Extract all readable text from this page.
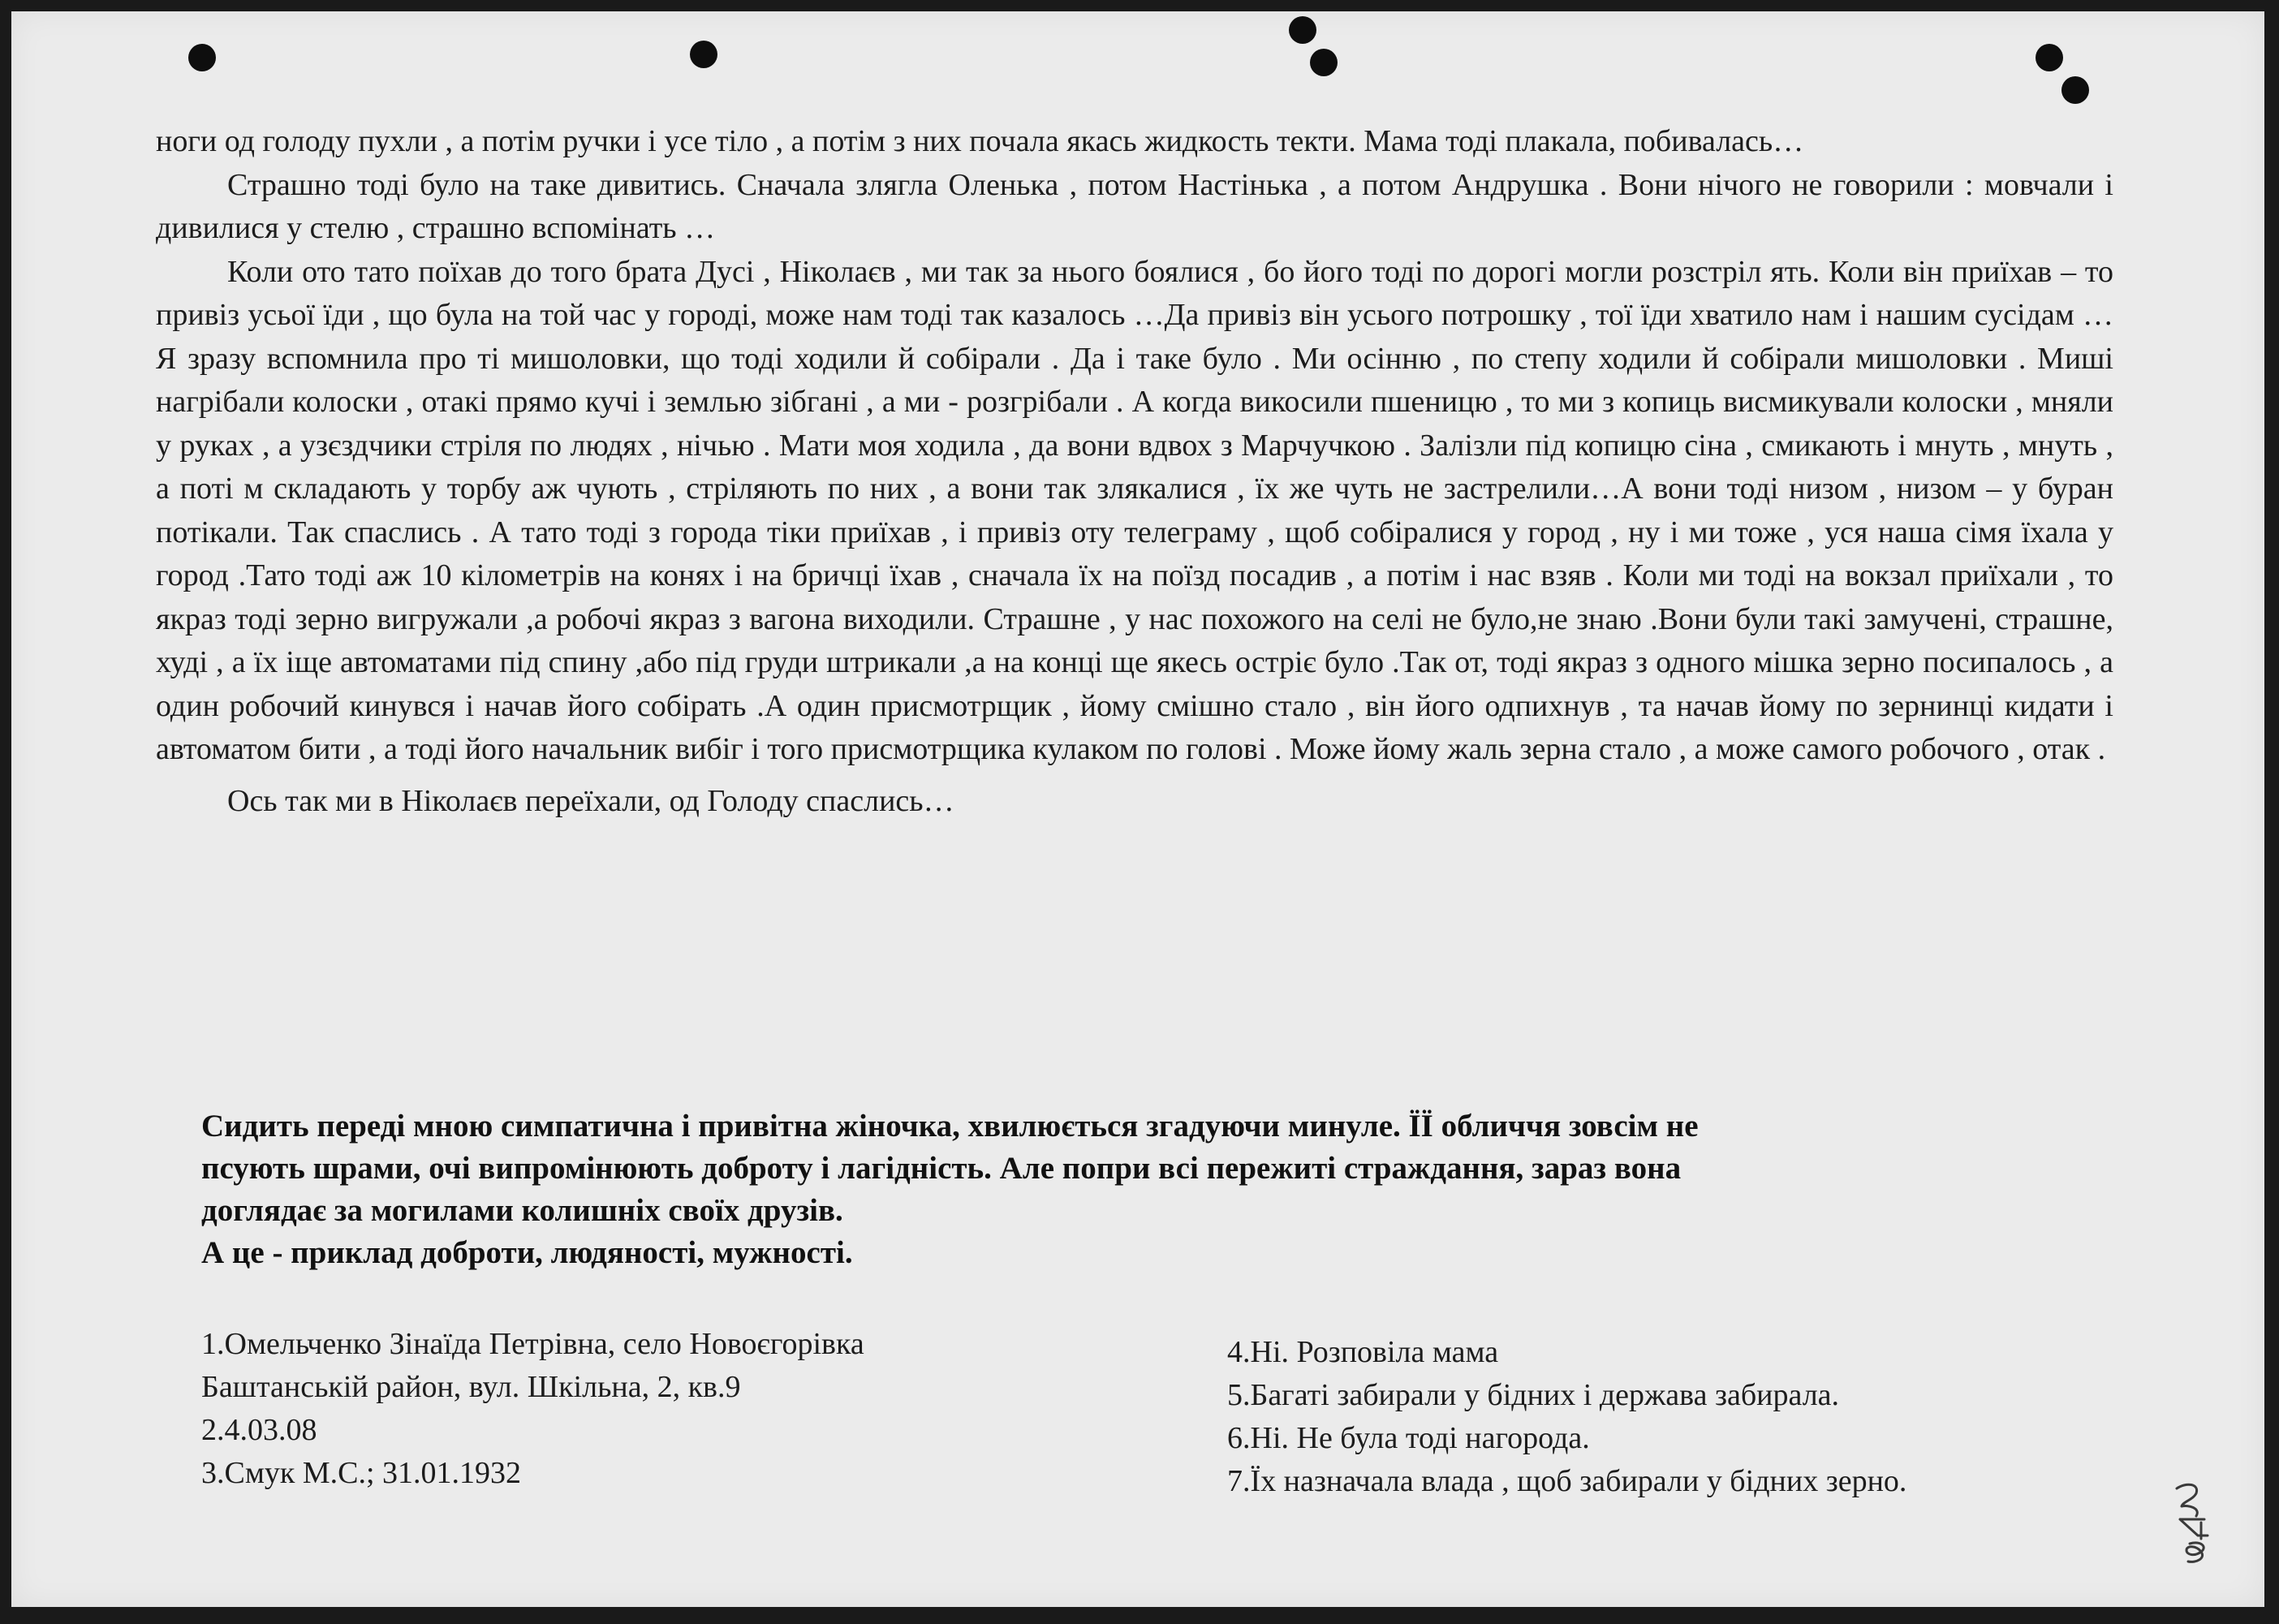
ноги од голоду пухли , а потім ручки і усе тіло , а потім з них почала якась жидкость текти. Мама тоді плакала, побивалась…

Страшно тоді було на таке дивитись. Сначала злягла Оленька , потом Настінька , а потом Андрушка . Вони нічого не говорили : мовчали і дивилися у стелю , страшно вспомінать …

Коли ото тато поїхав до того брата Дусі , Ніколаєв , ми так за нього боялися , бо його тоді по дорогі могли розстріл ять. Коли він приїхав – то привіз усьої їди , що була на той час у городі, може нам тоді так казалось …Да привіз він усього потрошку , тої їди хватило нам і нашим сусідам …Я зразу вспомнила про ті мишоловки, що тоді ходили й собірали . Да і таке було . Ми осінню , по степу ходили й собірали мишоловки . Миші нагрібали колоски , отакі прямо кучі і землью зібгані , а ми - розгрібали . А когда викосили пшеницю , то ми з копиць висмикували колоски , мняли у руках , а узєздчики стріля по людях , нічью . Мати моя ходила , да вони вдвох з Марчучкою . Залізли під копицю сіна , смикають і мнуть , мнуть , а поті м складають у торбу аж чують , стріляють по них , а вони так злякалися , їх же чуть не застрелили…А вони тоді низом , низом – у буран потікали. Так спаслись . А тато тоді з города тіки приїхав , і привіз оту телеграму , щоб собіралися у город , ну і ми тоже , уся наша сімя їхала у город .Тато тоді аж 10 кілометрів на конях і на бричці їхав , сначала їх на поїзд посадив , а потім і нас взяв . Коли ми тоді на вокзал приїхали , то якраз тоді зерно вигружали ,а робочі якраз з вагона виходили. Страшне , у нас похожого на селі не було,не знаю .Вони були такі замучені, страшне, худі , а їх іще автоматами під спину ,або під груди штрикали ,а на конці ще якесь остріє було .Так от, тоді якраз з одного мішка зерно посипалось , а один робочий кинувся і начав його собірать .А один присмотрщик , йому смішно стало , він його одпихнув , та начав йому по зернинці кидати і автоматом бити , а тоді його начальник вибіг і того присмотрщика кулаком по голові . Може йому жаль зерна стало , а може самого робочого , отак .

Ось так ми в Ніколаєв переїхали, од Голоду спаслись…

Сидить переді мною симпатична і привітна жіночка, хвилюється згадуючи минуле. ЇЇ обличчя зовсім не

псують шрами, очі випромінюють доброту і лагідність. Але попри всі пережиті страждання, зараз вона

доглядає за могилами колишніх своїх друзів.

А це - приклад доброти, людяності, мужності.

1.Омельченко Зінаїда Петрівна, село Новоєгорівка

Баштанській район, вул. Шкільна, 2, кв.9

2.4.03.08

3.Смук М.С.; 31.01.1932

4.Ні. Розповіла мама

5.Багаті забирали у бідних і держава забирала.

6.Ні. Не була тоді нагорода.

7.Їх назначала влада , щоб забирали у бідних зерно.
